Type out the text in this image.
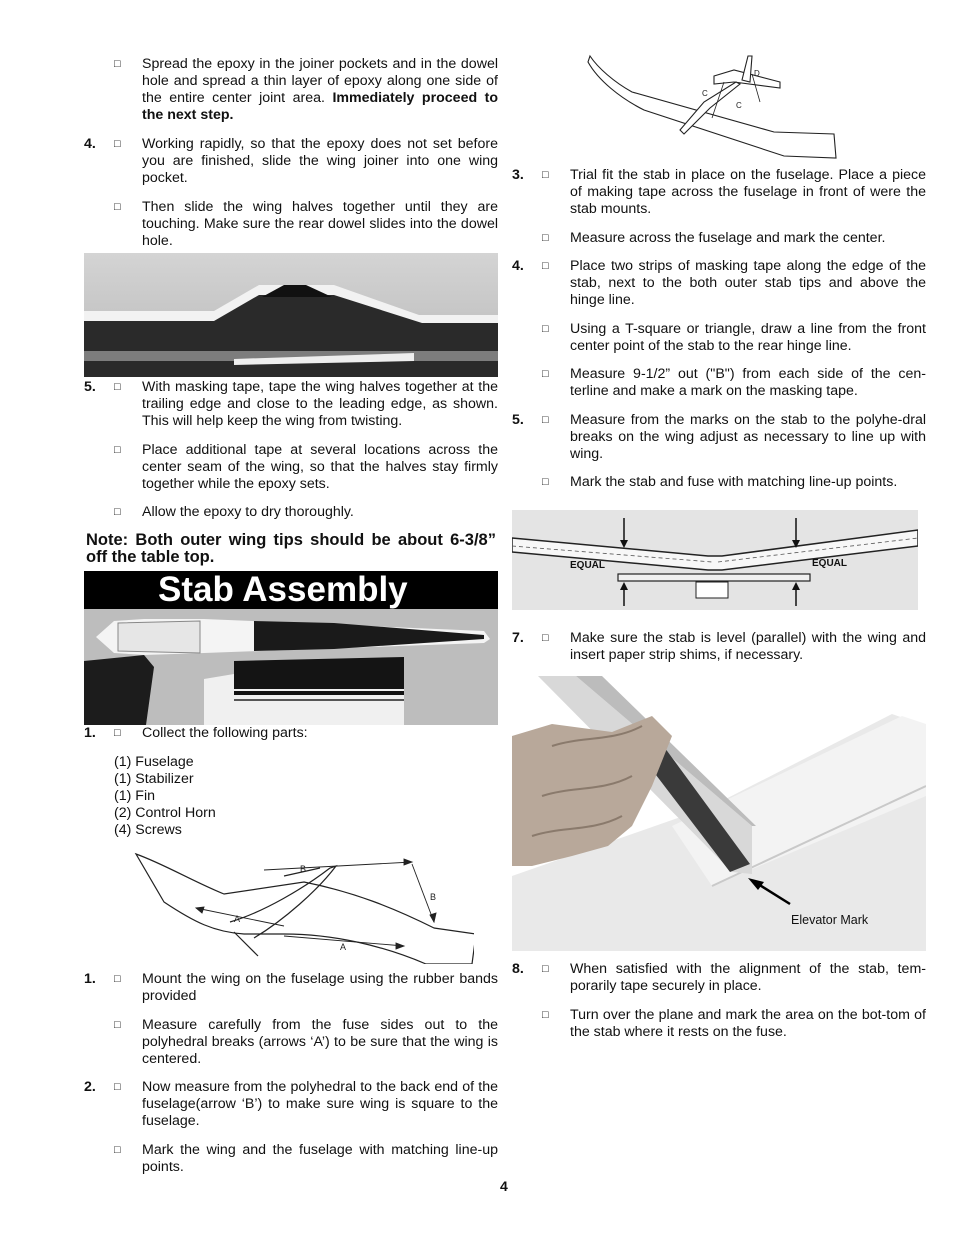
□ Spread the epoxy in the joiner pockets and in the dowel hole and spread a thin layer of epoxy along one side of the entire center joint area. Immediately proceed to the next step.
4. □ Working rapidly, so that the epoxy does not set before you are finished, slide the wing joiner into one wing pocket.
□ Then slide the wing halves together until they are touching. Make sure the rear dowel slides into the dowel hole.
5. □ With masking tape, tape the wing halves together at the trailing edge and close to the leading edge, as shown. This will help keep the wing from twisting.
□ Place additional tape at several locations across the center seam of the wing, so that the halves stay firmly together while the epoxy sets.
□ Allow the epoxy to dry thoroughly.
Note: Both outer wing tips should be about 6-3/8” off the table top.
Stab Assembly
1. □ Collect the following parts:
(1) Fuselage
(1) Stabilizer
(1) Fin
(2) Control Horn
(4) Screws
B
B
A
A
1. □ Mount the wing on the fuselage using the rubber bands provided
□ Measure carefully from the fuse sides out to the polyhedral breaks (arrows ‘A’) to be sure that the wing is centered.
2. □ Now measure from the polyhedral to the back end of the fuselage(arrow ‘B’) to make sure wing is square to the fuselage.
□ Mark the wing and the fuselage with matching line-up points.
C
C
D
3. □ Trial fit the stab in place on the fuselage. Place a piece of making tape across the fuselage in front of were the stab mounts.
□ Measure across the fuselage and mark the center.
4. □ Place two strips of masking tape along the edge of the stab, next to the both outer stab tips and above the hinge line.
□ Using a T-square or triangle, draw a line from the front center point of the stab to the rear hinge line.
□ Measure 9-1/2” out ("B") from each side of the cen-terline and make a mark on the masking tape.
5. □ Measure from the marks on the stab to the polyhe-dral breaks on the wing adjust as necessary to line up with wing.
□ Mark the stab and fuse with matching line-up points.
EQUAL	EQUAL
7. □ Make sure the stab is level (parallel) with the wing and insert paper strip shims, if necessary.
Elevator Mark
8. □ When satisfied with the alignment of the stab, tem-porarily tape securely in place.
□ Turn over the plane and mark the area on the bot-tom of the stab where it rests on the fuse.
4
